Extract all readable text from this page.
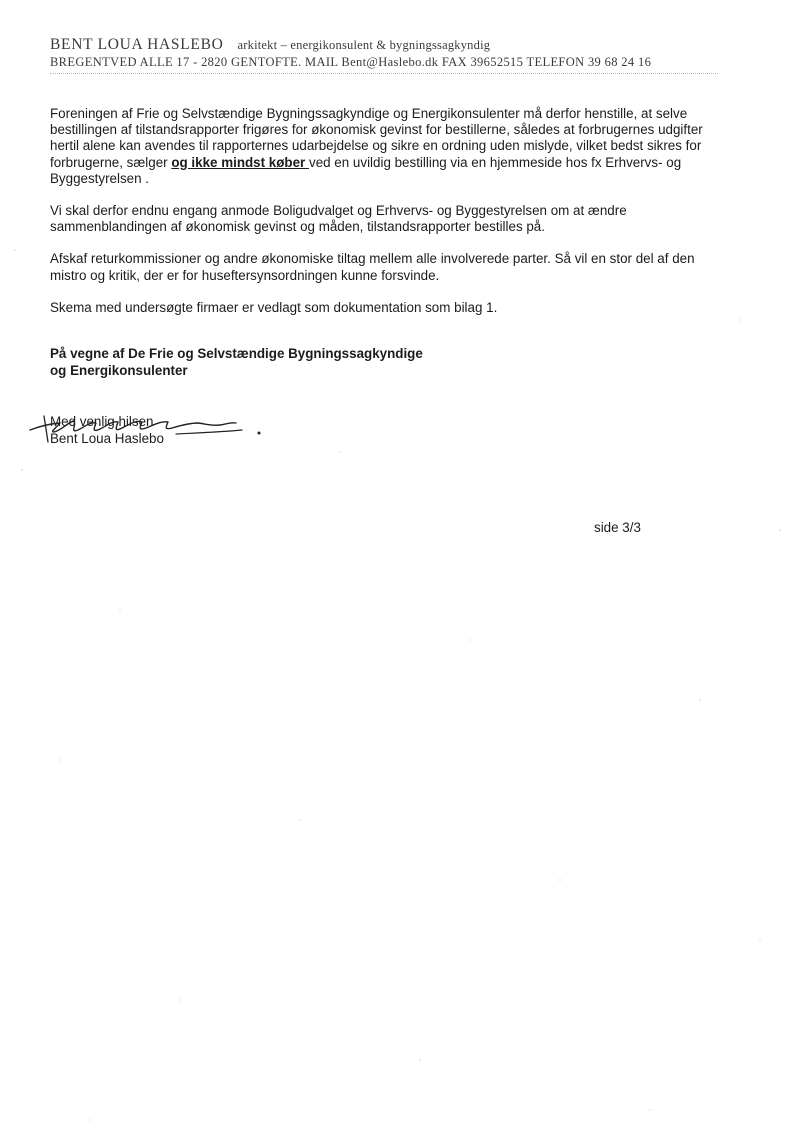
BENT LOUA HASLEBO arkitekt – energikonsulent & bygningssagkyndig
BREGENTVED ALLE 17 - 2820 GENTOFTE. MAIL Bent@Haslebo.dk FAX 39652515 TELEFON 39 68 24 16

Foreningen af Frie og Selvstændige Bygningssagkyndige og Energikonsulenter må derfor henstille, at selve bestillingen af tilstandsrapporter frigøres for økonomisk gevinst for bestillerne, således at forbrugernes udgifter hertil alene kan avendes til rapporternes udarbejdelse og sikre en ordning uden mislyde, vilket bedst sikres for forbrugerne, sælger og ikke mindst køber ved en uvildig bestilling via en hjemmeside hos fx Erhvervs- og Byggestyrelsen .

Vi skal derfor endnu engang anmode Boligudvalget og Erhvervs- og Byggestyrelsen om at ændre sammenblandingen af økonomisk gevinst og måden, tilstandsrapporter bestilles på.

Afskaf returkommissioner og andre økonomiske tiltag mellem alle involverede parter. Så vil en stor del af den mistro og kritik, der er for huseftersynsordningen kunne forsvinde.

Skema med undersøgte firmaer er vedlagt som dokumentation som bilag 1.

På vegne af De Frie og Selvstændige Bygningssagkyndige
og Energikonsulenter
Med venlig hilsen
Bent Loua Haslebo
side 3/3
